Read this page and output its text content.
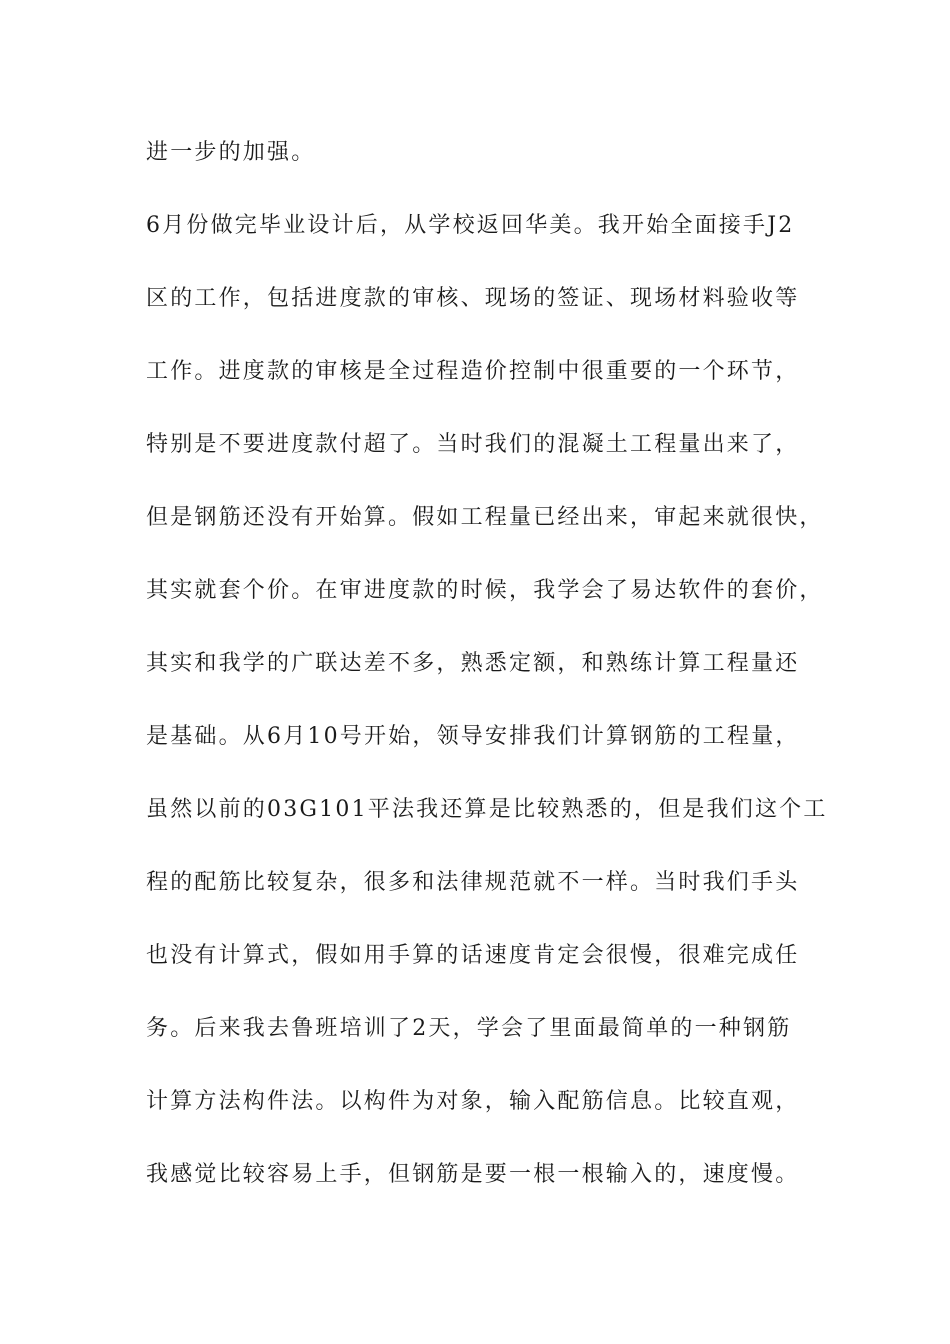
进一步的加强。
6月份做完毕业设计后，从学校返回华美。我开始全面接手J2
区的工作，包括进度款的审核、现场的签证、现场材料验收等
工作。进度款的审核是全过程造价控制中很重要的一个环节，
特别是不要进度款付超了。当时我们的混凝土工程量出来了，
但是钢筋还没有开始算。假如工程量已经出来，审起来就很快，
其实就套个价。在审进度款的时候，我学会了易达软件的套价，
其实和我学的广联达差不多，熟悉定额，和熟练计算工程量还
是基础。从6月10号开始，领导安排我们计算钢筋的工程量，
虽然以前的03G101平法我还算是比较熟悉的，但是我们这个工
程的配筋比较复杂，很多和法律规范就不一样。当时我们手头
也没有计算式，假如用手算的话速度肯定会很慢，很难完成任
务。后来我去鲁班培训了2天，学会了里面最简单的一种钢筋
计算方法构件法。以构件为对象，输入配筋信息。比较直观，
我感觉比较容易上手，但钢筋是要一根一根输入的，速度慢。
